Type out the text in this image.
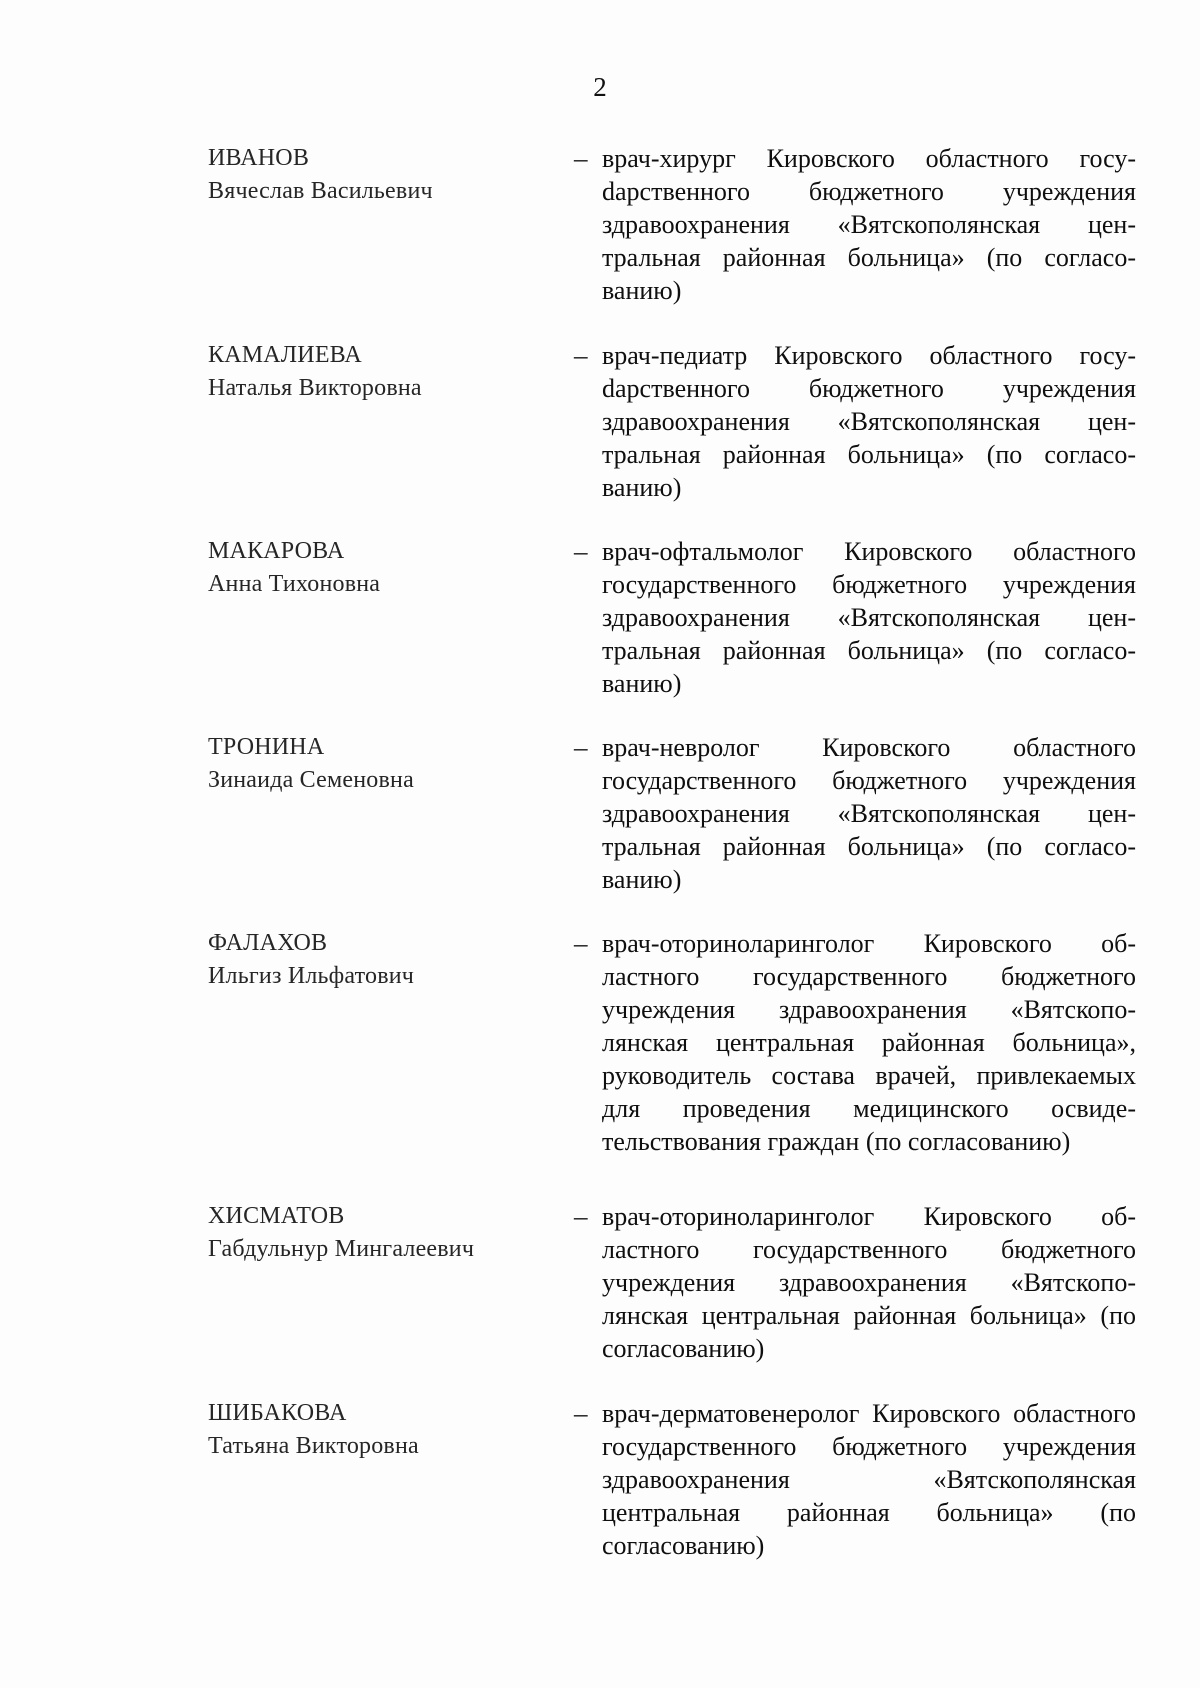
2
ИВАНОВ
Вячеслав Васильевич
– врач-хирург Кировского областного госуdарственного бюджетного учреждения здравоохранения «Вятскополянская центральная районная больница» (по согласованию)
КАМАЛИЕВА
Наталья Викторовна
– врач-педиатр Кировского областного госуdарственного бюджетного учреждения здравоохранения «Вятскополянская центральная районная больница» (по согласованию)
МАКАРОВА
Анна Тихоновна
– врач-офтальмолог Кировского областного государственного бюджетного учреждения здравоохранения «Вятскополянская центральная районная больница» (по согласованию)
ТРОНИНА
Зинаида Семеновна
– врач-невролог Кировского областного государственного бюджетного учреждения здравоохранения «Вятскополянская центральная районная больница» (по согласованию)
ФАЛАХОВ
Ильгиз Ильфатович
– врач-оториноларинголог Кировского областного государственного бюджетного учреждения здравоохранения «Вятскополянская центральная районная больница», руководитель состава врачей, привлекаемых для проведения медицинского освидетельствования граждан (по согласованию)
ХИСМАТОВ
Габдульнур Мингалеевич
– врач-оториноларинголог Кировского областного государственного бюджетного учреждения здравоохранения «Вятскополянская центральная районная больница» (по согласованию)
ШИБАКОВА
Татьяна Викторовна
– врач-дерматовенеролог Кировского областного государственного бюджетного учреждения здравоохранения «Вятскополянская центральная районная больница» (по согласованию)
